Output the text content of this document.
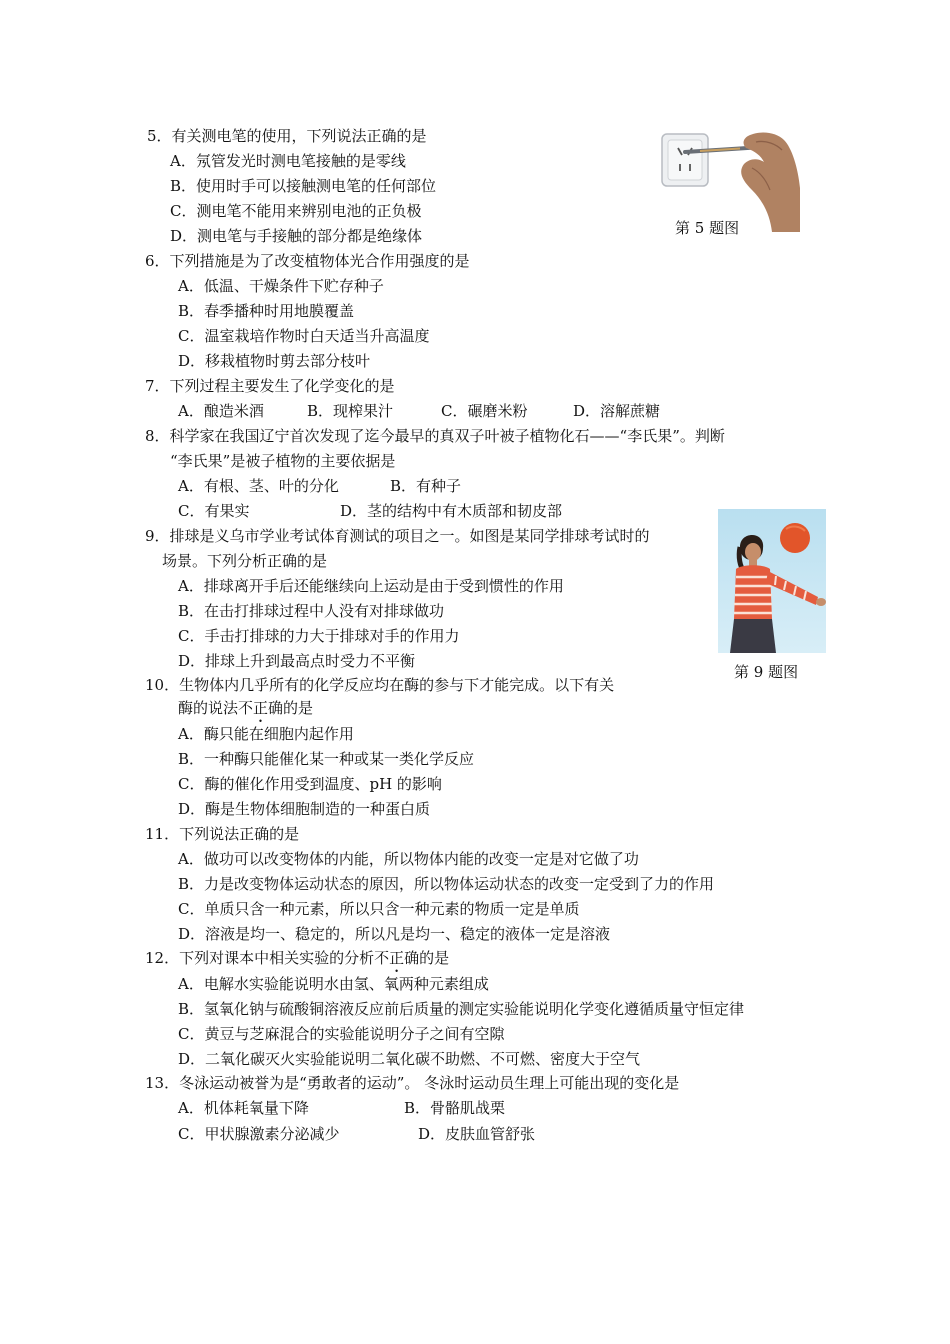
5．有关测电笔的使用，下列说法正确的是
A．氖管发光时测电笔接触的是零线
B．使用时手可以接触测电笔的任何部位
C．测电笔不能用来辨别电池的正负极
D．测电笔与手接触的部分都是绝缘体	第 5 题图
6．下列措施是为了改变植物体光合作用强度的是
A．低温、干燥条件下贮存种子
B．春季播种时用地膜覆盖
C．温室栽培作物时白天适当升高温度
D．移栽植物时剪去部分枝叶
7．下列过程主要发生了化学变化的是
A．酿造米酒	B．现榨果汁	C．碾磨米粉	D．溶解蔗糖
8．科学家在我国辽宁首次发现了迄今最早的真双子叶被子植物化石——“李氏果”。判断
“李氏果”是被子植物的主要依据是
A．有根、茎、叶的分化	B．有种子
C．有果实	D．茎的结构中有木质部和韧皮部
9．排球是义乌市学业考试体育测试的项目之一。如图是某同学排球考试时的
场景。下列分析正确的是
A．排球离开手后还能继续向上运动是由于受到惯性的作用
B．在击打排球过程中人没有对排球做功
C．手击打排球的力大于排球对手的作用力
D．排球上升到最高点时受力不平衡
第 9 题图
10．生物体内几乎所有的化学反应均在酶的参与下才能完成。以下有关
酶的说法不正确的是
A．酶只能在细胞内起作用
B．一种酶只能催化某一种或某一类化学反应
C．酶的催化作用受到温度、pH 的影响
D．酶是生物体细胞制造的一种蛋白质
11．下列说法正确的是
A．做功可以改变物体的内能，所以物体内能的改变一定是对它做了功
B．力是改变物体运动状态的原因，所以物体运动状态的改变一定受到了力的作用
C．单质只含一种元素，所以只含一种元素的物质一定是单质
D．溶液是均一、稳定的，所以凡是均一、稳定的液体一定是溶液
12．下列对课本中相关实验的分析不正确的是
A．电解水实验能说明水由氢、氧两种元素组成
B．氢氧化钠与硫酸铜溶液反应前后质量的测定实验能说明化学变化遵循质量守恒定律
C．黄豆与芝麻混合的实验能说明分子之间有空隙
D．二氧化碳灭火实验能说明二氧化碳不助燃、不可燃、密度大于空气
13．冬泳运动被誉为是“勇敢者的运动”。 冬泳时运动员生理上可能出现的变化是
A．机体耗氧量下降	B．骨骼肌战栗
C．甲状腺激素分泌减少	D．皮肤血管舒张
